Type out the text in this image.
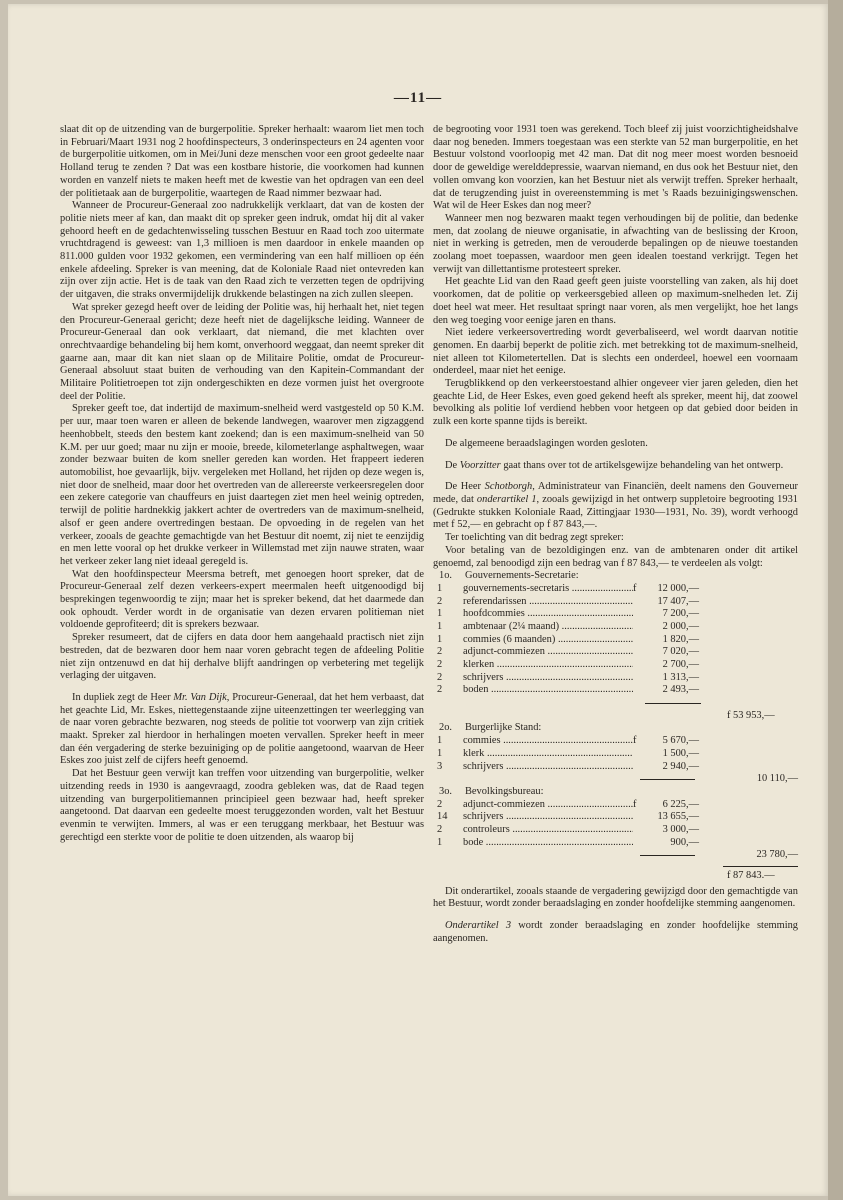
—11—

slaat dit op de uitzending van de burgerpolitie. Spreker herhaalt: waarom liet men toch in Februari/Maart 1931 nog 2 hoofdinspecteurs, 3 onderinspecteurs en 24 agenten voor de burgerpolitie uitkomen, om in Mei/Juni deze menschen voor een groot gedeelte naar Holland terug te zenden ? Dat was een kostbare historie, die voorkomen had kunnen worden en vanzelf niets te maken heeft met de kwestie van het opdragen van een deel der politietaak aan de burgerpolitie, waartegen de Raad nimmer bezwaar had.

Wanneer de Procureur-Generaal zoo nadrukkelijk verklaart, dat van de kosten der politie niets meer af kan, dan maakt dit op spreker geen indruk, omdat hij dit al vaker gehoord heeft en de gedachtenwisseling tusschen Bestuur en Raad toch zoo uitermate vruchtdragend is geweest: van 1,3 millioen is men daardoor in enkele maanden op 811.000 gulden voor 1932 gekomen, een vermindering van een half millioen op één enkele afdeeling. Spreker is van meening, dat de Koloniale Raad niet ontevreden kan zijn over zijn actie. Het is de taak van den Raad zich te verzetten tegen de opdrijving der uitgaven, die straks onvermijdelijk drukkende belastingen na zich zullen sleepen.

Wat spreker gezegd heeft over de leiding der Politie was, hij herhaalt het, niet tegen den Procureur-Generaal gericht; deze heeft niet de dagelijksche leiding. Wanneer de Procureur-Generaal dan ook verklaart, dat niemand, die met klachten over onrechtvaardige behandeling bij hem komt, onverhoord weggaat, dan neemt spreker dit gaarne aan, maar dit kan niet slaan op de Militaire Politie, omdat de Procureur-Generaal absoluut staat buiten de verhouding van den Kapitein-Commandant der Militaire Politietroepen tot zijn ondergeschikten en deze vormen juist het overgroote deel der Politie.

Spreker geeft toe, dat indertijd de maximum-snelheid werd vastgesteld op 50 K.M. per uur, maar toen waren er alleen de bekende landwegen, waarover men zigzaggend heenhobbelt, steeds den bestem kant zoekend; dan is een maximum-snelheid van 50 K.M. per uur goed; maar nu zijn er mooie, breede, kilometerlange asphaltwegen, waar zonder bezwaar buiten de kom sneller gereden kan worden. Het frappeert iederen automobilist, hoe gevaarlijk, bijv. vergeleken met Holland, het rijden op deze wegen is, niet door de snelheid, maar door het overtreden van de allereerste verkeersregelen door een zekere categorie van chauffeurs en juist daartegen ziet men heel weinig optreden, terwijl de politie hardnekkig jakkert achter de overtreders van de maximum-snelheid, alsof er geen andere overtredingen bestaan. De opvoeding in de regelen van het verkeer, zooals de geachte gemachtigde van het Bestuur dit noemt, zij niet te eenzijdig en men lette vooral op het drukke verkeer in Willemstad met zijn nauwe straten, waar het verkeer zeker lang niet ideaal geregeld is.

Wat den hoofdinspecteur Meersma betreft, met genoegen hoort spreker, dat de Procureur-Generaal zelf dezen verkeers-expert meermalen heeft uitgenoodigd bij besprekingen tegenwoordig te zijn; maar het is spreker bekend, dat het daarmede dan ook ophoudt. Verder wordt in de organisatie van dezen ervaren politieman niet voldoende geprofiteerd; dit is sprekers bezwaar.

Spreker resumeert, dat de cijfers en data door hem aangehaald practisch niet zijn bestreden, dat de bezwaren door hem naar voren gebracht tegen de afdeeling Politie niet zijn ontzenuwd en dat hij derhalve blijft aandringen op verbetering met tegelijk verlaging der uitgaven.

In dupliek zegt de Heer Mr. Van Dijk, Procureur-Generaal, dat het hem verbaast, dat het geachte Lid, Mr. Eskes, niettegenstaande zijne uiteenzettingen ter weerlegging van de naar voren gebrachte bezwaren, nog steeds de politie tot voorwerp van zijn critiek maakt. Spreker zal hierdoor in herhalingen moeten vervallen. Spreker heeft in meer dan één vergadering de sterke bezuiniging op de politie aangetoond, waarvan de Heer Eskes zoo juist zelf de cijfers heeft genoemd.

Dat het Bestuur geen verwijt kan treffen voor uitzending van burgerpolitie, welker uitzending reeds in 1930 is aangevraagd, zoodra gebleken was, dat de Raad tegen uitzending van burgerpolitiemannen principieel geen bezwaar had, heeft spreker aangetoond. Dat daarvan een gedeelte moest teruggezonden worden, valt het Bestuur evenmin te verwijten. Immers, al was er een teruggang merkbaar, het Bestuur was gerechtigd een sterkte voor de politie te doen uitzenden, als waarop bij

de begrooting voor 1931 toen was gerekend. Toch bleef zij juist voorzichtigheidshalve daar nog beneden. Immers toegestaan was een sterkte van 52 man burgerpolitie, en het Bestuur volstond voorloopig met 42 man. Dat dit nog meer moest worden besnoeid door de geweldige werelddepressie, waarvan niemand, en dus ook het Bestuur niet, den vollen omvang kon voorzien, kan het Bestuur niet als verwijt treffen. Spreker herhaalt, dat de terugzending juist in overeenstemming is met 's Raads bezuinigingswenschen. Wat wil de Heer Eskes dan nog meer?

Wanneer men nog bezwaren maakt tegen verhoudingen bij de politie, dan bedenke men, dat zoolang de nieuwe organisatie, in afwachting van de beslissing der Kroon, niet in werking is getreden, men de verouderde bepalingen op de nieuwe toestanden zoolang moet toepassen, waardoor men geen idealen toestand verkrijgt. Tegen het verwijt van dillettantisme protesteert spreker.

Het geachte Lid van den Raad geeft geen juiste voorstelling van zaken, als hij doet voorkomen, dat de politie op verkeersgebied alleen op maximum-snelheden let. Zij doet heel wat meer. Het resultaat springt naar voren, als men vergelijkt, hoe het langs den weg toeging voor eenige jaren en thans.

Niet iedere verkeersovertreding wordt geverbaliseerd, wel wordt daarvan notitie genomen. En daarbij beperkt de politie zich. met betrekking tot de maximum-snelheid, niet alleen tot Kilometertellen. Dat is slechts een onderdeel, hoewel een voornaam onderdeel, maar niet het eenige.

Terugblikkend op den verkeerstoestand alhier ongeveer vier jaren geleden, dien het geachte Lid, de Heer Eskes, even goed gekend heeft als spreker, meent hij, dat zoowel bevolking als politie lof verdiend hebben voor hetgeen op dat gebied door beiden in zulk een korte spanne tijds is bereikt.

De algemeene beraadslagingen worden gesloten.

De Voorzitter gaat thans over tot de artikelsgewijze behandeling van het ontwerp.

De Heer Schotborgh, Administrateur van Financiën, deelt namens den Gouverneur mede, dat onderartikel 1, zooals gewijzigd in het ontwerp suppletoire begrooting 1931 (Gedrukte stukken Koloniale Raad, Zittingjaar 1930—1931, No. 39), wordt verhoogd met f 52,— en gebracht op f 87 843,—.

Ter toelichting van dit bedrag zegt spreker:

Voor betaling van de bezoldigingen enz. van de ambtenaren onder dit artikel genoemd, zal benoodigd zijn een bedrag van f 87 843,— te verdeelen als volgt:

1o.	Gouvernements-Secretarie:
1	gouvernements-secretaris .....	f	12 000,—
2	referendarissen .....	17 407,—
1	hoofdcommies .....	7 200,—
1	ambtenaar (2¼ maand) .....	2 000,—
1	commies (6 maanden) .....	1 820,—
2	adjunct-commiezen .....	7 020,—
2	klerken .....	2 700,—
2	schrijvers .....	1 313,—
2	boden .....	2 493,—
f 53 953,—
2o.	Burgerlijke Stand:
1	commies .....	f	5 670,—
1	klerk .....	1 500,—
3	schrijvers .....	2 940,—
10 110,—
3o.	Bevolkingsbureau:
2	adjunct-commiezen .....	f	6 225,—
14	schrijvers .....	13 655,—
2	controleurs .....	3 000,—
1	bode .....	900,—
23 780,—
f 87 843.—

Dit onderartikel, zooals staande de vergadering gewijzigd door den gemachtigde van het Bestuur, wordt zonder beraadslaging en zonder hoofdelijke stemming aangenomen.

Onderartikel 3 wordt zonder beraadslaging en zonder hoofdelijke stemming aangenomen.
